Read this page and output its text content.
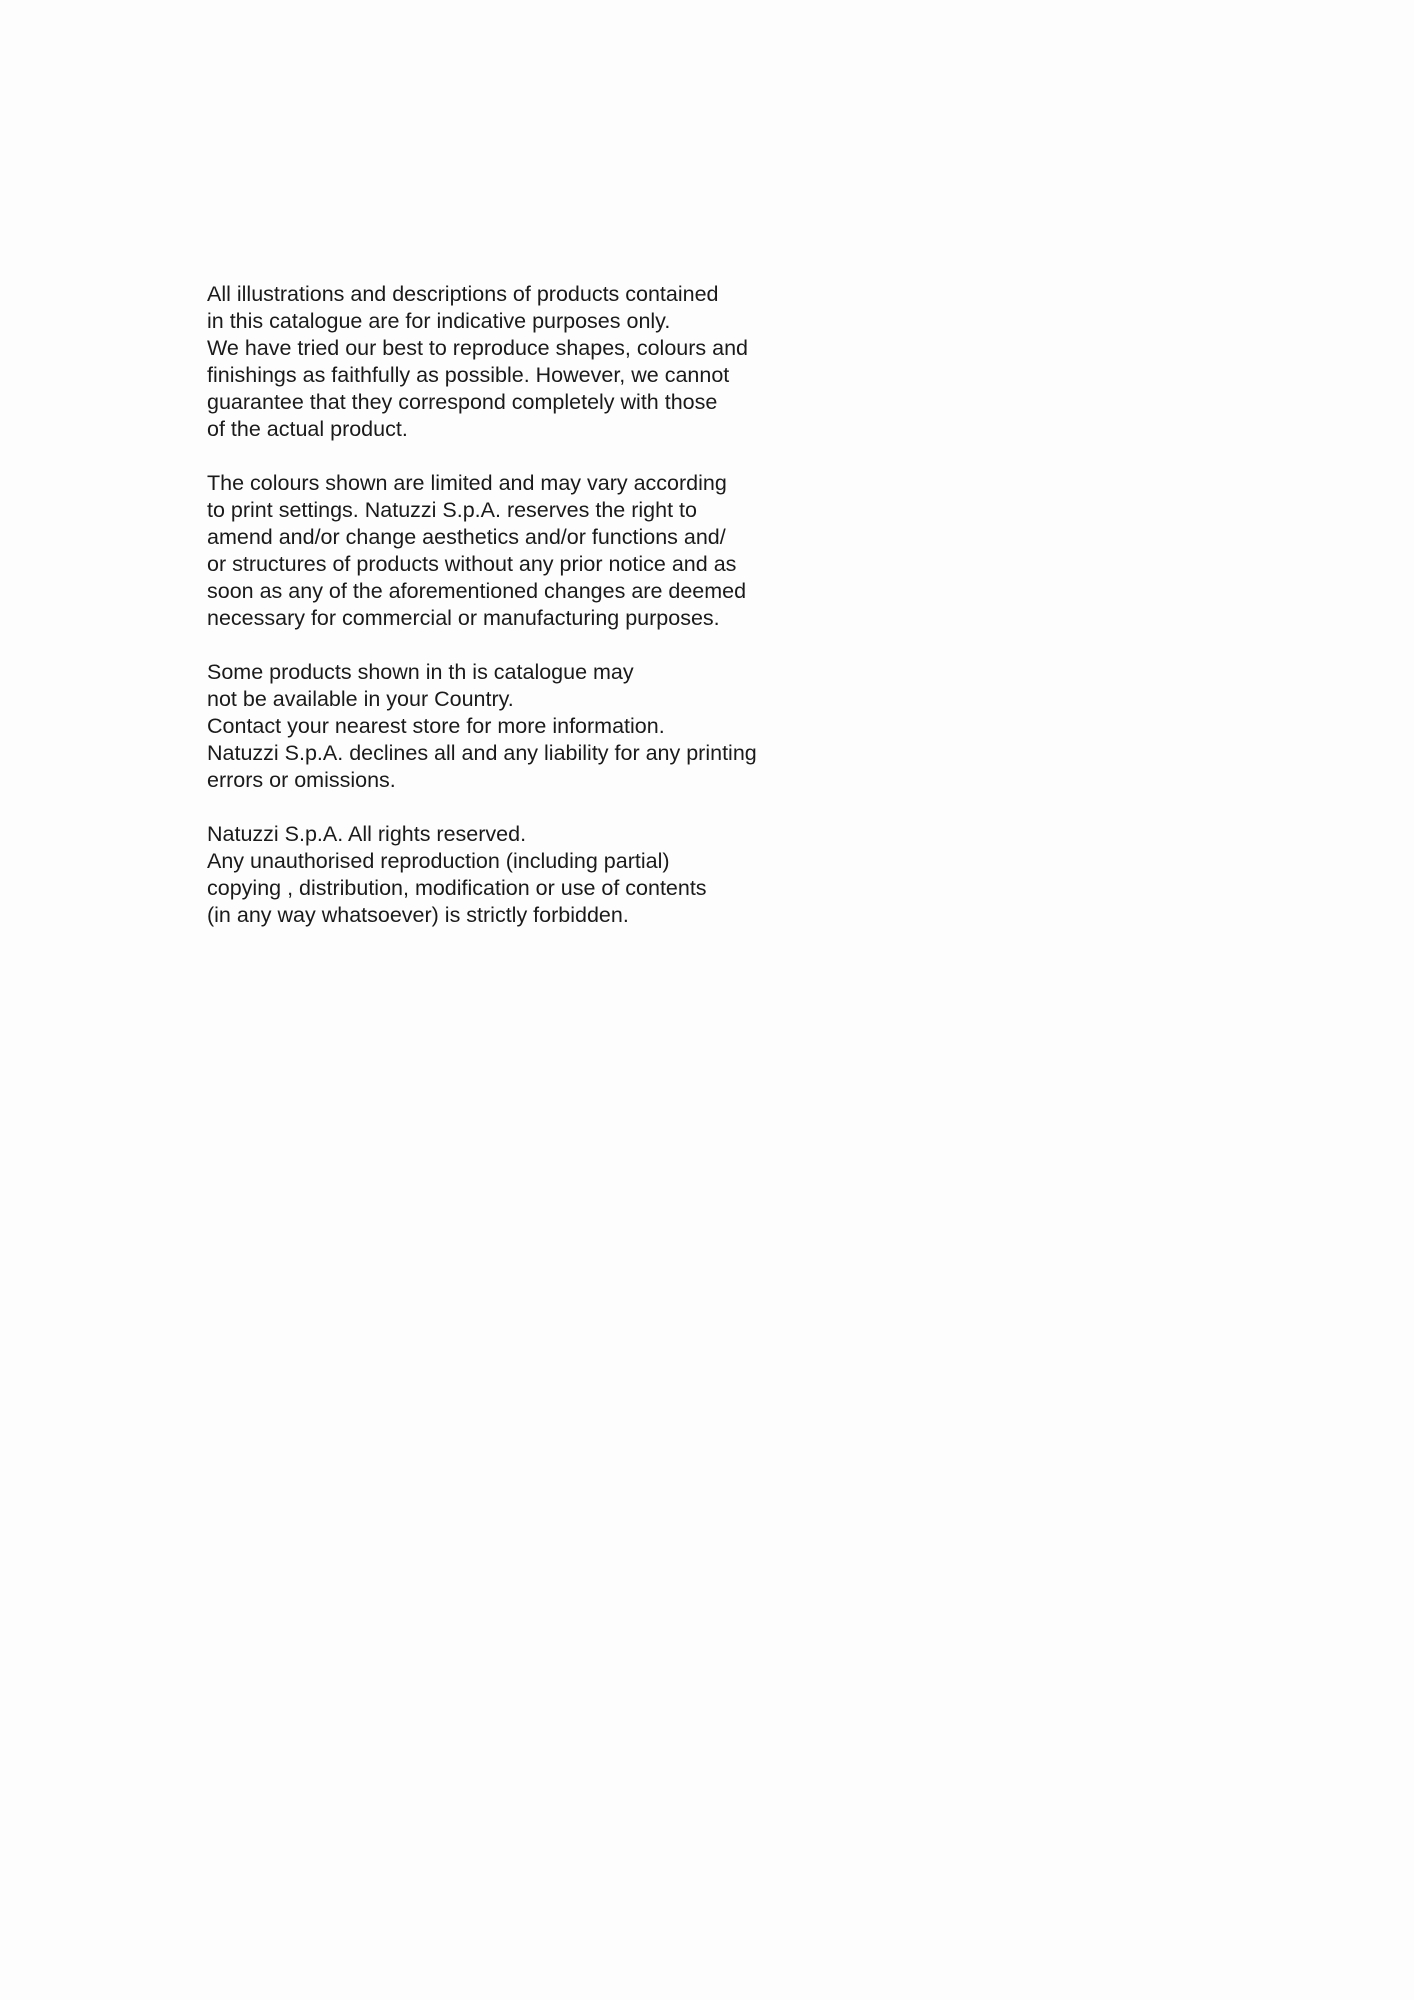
All illustrations and descriptions of products contained
in this catalogue are for indicative purposes only.
We have tried our best to reproduce shapes, colours and
finishings as faithfully as possible. However, we cannot
guarantee that they correspond completely with those
of the actual product.

The colours shown are limited and may vary according
to print settings. Natuzzi S.p.A. reserves the right to
amend and/or change aesthetics and/or functions and/
or structures of products without any prior notice and as
soon as any of the aforementioned changes are deemed
necessary for commercial or manufacturing purposes.

Some products shown in th is catalogue may
not be available in your Country.
Contact your nearest store for more information.
Natuzzi S.p.A. declines all and any liability for any printing
errors or omissions.

Natuzzi S.p.A. All rights reserved.
Any unauthorised reproduction (including partial)
copying , distribution, modification or use of contents
(in any way whatsoever) is strictly forbidden.
